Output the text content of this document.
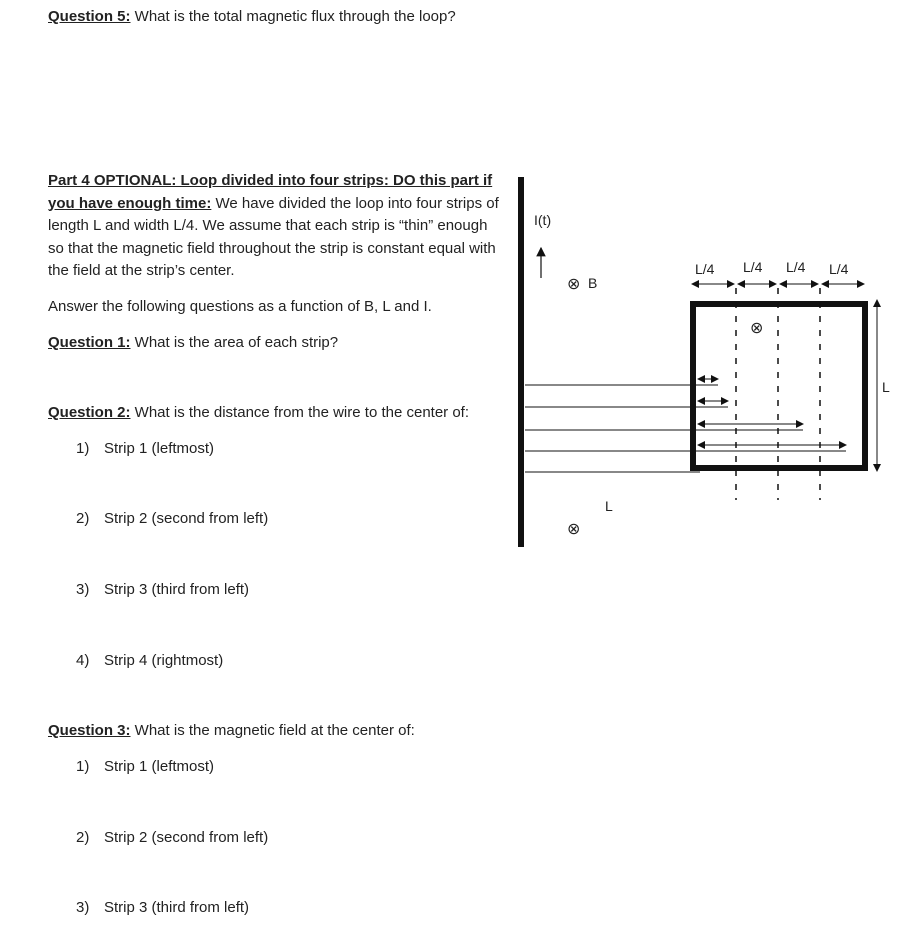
Question 5: What is the total magnetic flux through the loop?
Part 4 OPTIONAL: Loop divided into four strips: DO this part if you have enough time: We have divided the loop into four strips of length L and width L/4. We assume that each strip is “thin” enough so that the magnetic field throughout the strip is constant equal with the field at the strip’s center.
Answer the following questions as a function of B, L and I.
Question 1: What is the area of each strip?
Question 2: What is the distance from the wire to the center of:
1) Strip 1 (leftmost)
2) Strip 2 (second from left)
3) Strip 3 (third from left)
4) Strip 4 (rightmost)
Question 3: What is the magnetic field at the center of:
1) Strip 1 (leftmost)
2) Strip 2 (second from left)
3) Strip 3 (third from left)
I(t)
⊗ B
⊗
⊗
L
L/4 L/4 L/4 L/4
L
